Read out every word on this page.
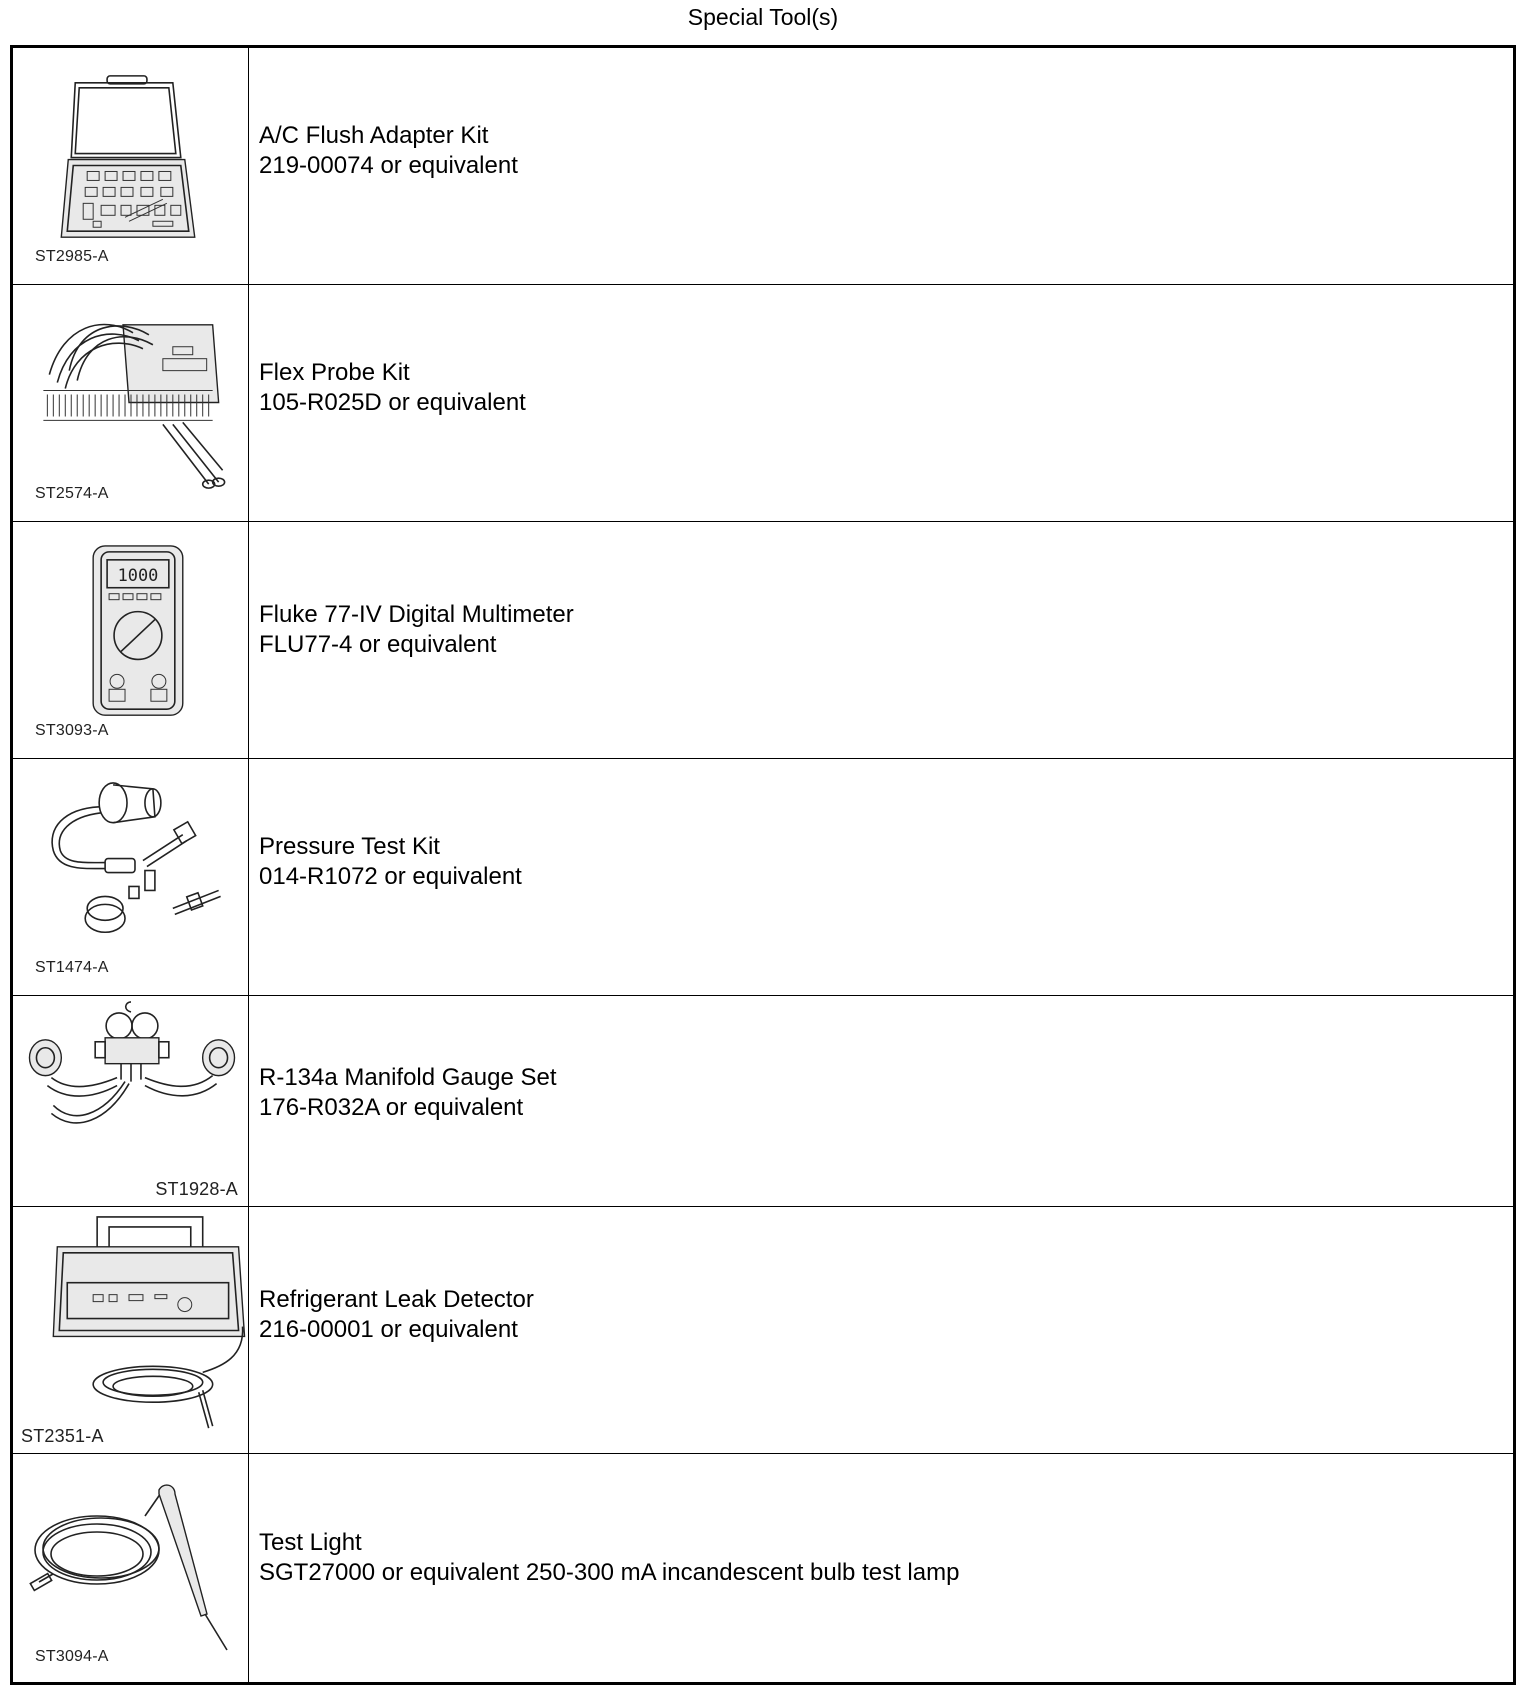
Special Tool(s)
ST2985-A
A/C Flush Adapter Kit
219-00074 or equivalent
ST2574-A
Flex Probe Kit
105-R025D or equivalent
1000
ST3093-A
Fluke 77-IV Digital Multimeter
FLU77-4 or equivalent
ST1474-A
Pressure Test Kit
014-R1072 or equivalent
ST1928-A
R-134a Manifold Gauge Set
176-R032A or equivalent
ST2351-A
Refrigerant Leak Detector
216-00001 or equivalent
ST3094-A
Test Light
SGT27000 or equivalent 250-300 mA incandescent bulb test lamp
